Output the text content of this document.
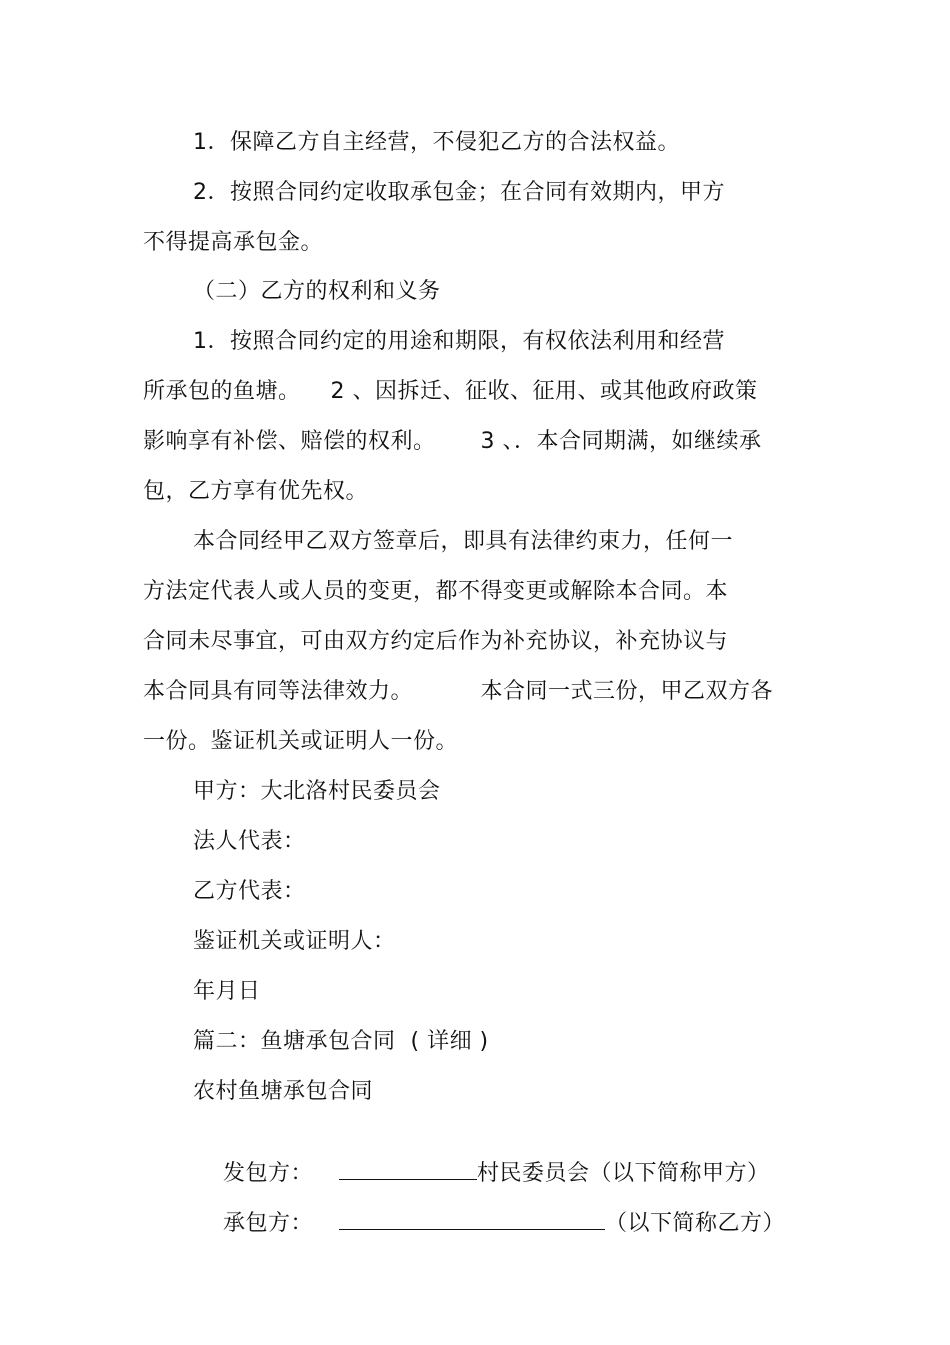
1．保障乙方自主经营，不侵犯乙方的合法权益。
2．按照合同约定收取承包金；在合同有效期内，甲方
不得提高承包金。
（二）乙方的权利和义务
1．按照合同约定的用途和期限，有权依法利用和经营
所承包的鱼塘。    2 、因拆迁、征收、征用、或其他政府政策
影响享有补偿、赔偿的权利。      3 、．本合同期满，如继续承
包，乙方享有优先权。
本合同经甲乙双方签章后，即具有法律约束力，任何一
方法定代表人或人员的变更，都不得变更或解除本合同。本
合同未尽事宜，可由双方约定后作为补充协议，补充协议与
本合同具有同等法律效力。         本合同一式三份，甲乙双方各
一份。鉴证机关或证明人一份。
甲方：大北洛村民委员会
法人代表：
乙方代表：
鉴证机关或证明人：
年月日
篇二：鱼塘承包合同  ( 详细 )
农村鱼塘承包合同

发包方：	村民委员会（以下简称甲方）

承包方：	（以下简称乙方）
